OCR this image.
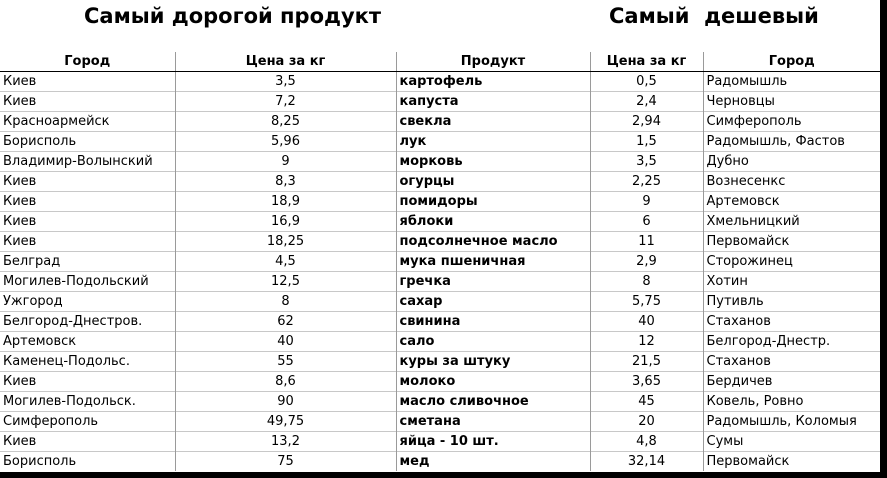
Самый дорогой продукт	Самый  дешевый
Город	Цена за кг	Продукт	Цена за кг	Город
Киев	3,5	картофель	0,5	Радомышль
Киев	7,2	капуста	2,4	Черновцы
Красноармейск	8,25	свекла	2,94	Симферополь
Борисполь	5,96	лук	1,5	Радомышль, Фастов
Владимир-Волынский	9	морковь	3,5	Дубно
Киев	8,3	огурцы	2,25	Вознесенкс
Киев	18,9	помидоры	9	Артемовск
Киев	16,9	яблоки	6	Хмельницкий
Киев	18,25	подсолнечное масло	11	Первомайск
Белград	4,5	мука пшеничная	2,9	Сторожинец
Могилев-Подольский	12,5	гречка	8	Хотин
Ужгород	8	сахар	5,75	Путивль
Белгород-Днестров.	62	свинина	40	Стаханов
Артемовск	40	сало	12	Белгород-Днестр.
Каменец-Подольс.	55	куры за штуку	21,5	Стаханов
Киев	8,6	молоко	3,65	Бердичев
Могилев-Подольск.	90	масло сливочное	45	Ковель, Ровно
Симферополь	49,75	сметана	20	Радомышль, Коломыя
Киев	13,2	яйца - 10 шт.	4,8	Сумы
Борисполь	75	мед	32,14	Первомайск
